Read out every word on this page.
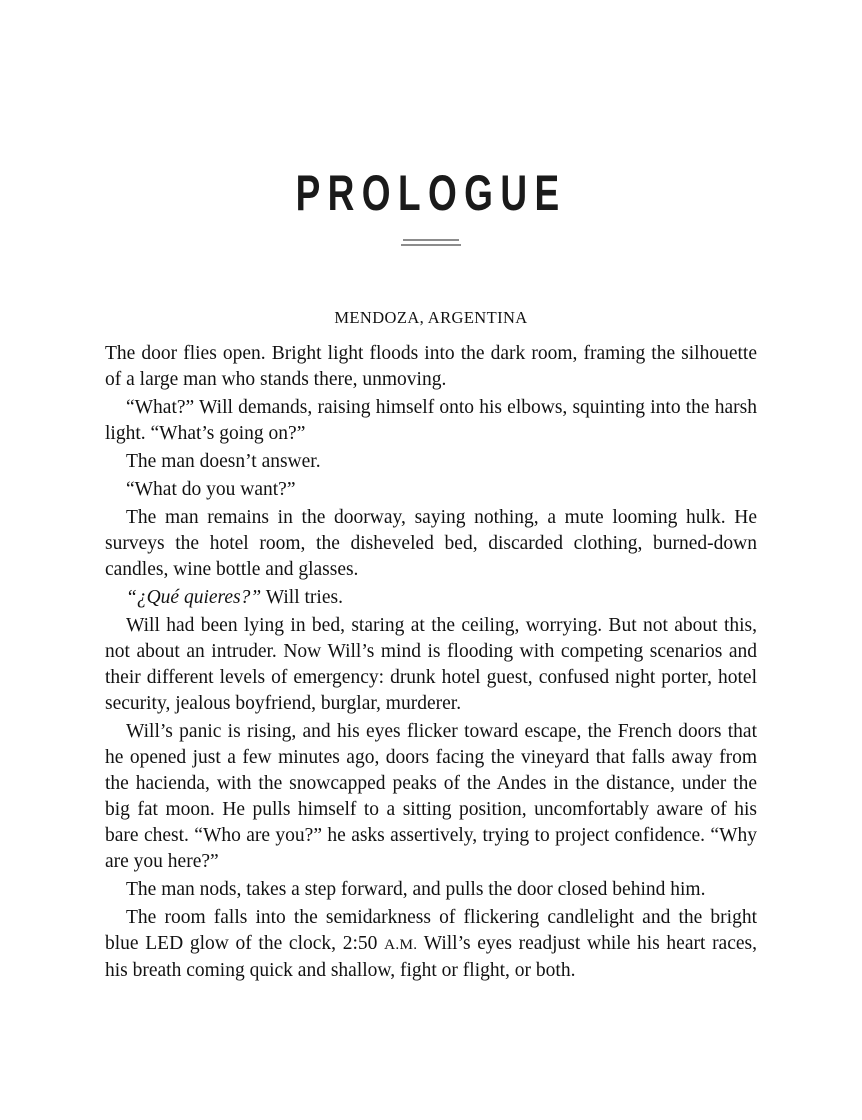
PROLOGUE
MENDOZA, ARGENTINA

The door flies open. Bright light floods into the dark room, framing the silhouette of a large man who stands there, unmoving.

“What?” Will demands, raising himself onto his elbows, squinting into the harsh light. “What’s going on?”

The man doesn’t answer.

“What do you want?”

The man remains in the doorway, saying nothing, a mute looming hulk. He surveys the hotel room, the disheveled bed, discarded clothing, burned-down candles, wine bottle and glasses.

“¿Qué quieres?” Will tries.

Will had been lying in bed, staring at the ceiling, worrying. But not about this, not about an intruder. Now Will’s mind is flooding with competing scenarios and their different levels of emergency: drunk hotel guest, confused night porter, hotel security, jealous boyfriend, burglar, murderer.

Will’s panic is rising, and his eyes flicker toward escape, the French doors that he opened just a few minutes ago, doors facing the vineyard that falls away from the hacienda, with the snowcapped peaks of the Andes in the distance, under the big fat moon. He pulls himself to a sitting position, uncomfortably aware of his bare chest. “Who are you?” he asks assertively, trying to project confidence. “Why are you here?”

The man nods, takes a step forward, and pulls the door closed behind him.

The room falls into the semidarkness of flickering candlelight and the bright blue LED glow of the clock, 2:50 A.M. Will’s eyes readjust while his heart races, his breath coming quick and shallow, fight or flight, or both.
